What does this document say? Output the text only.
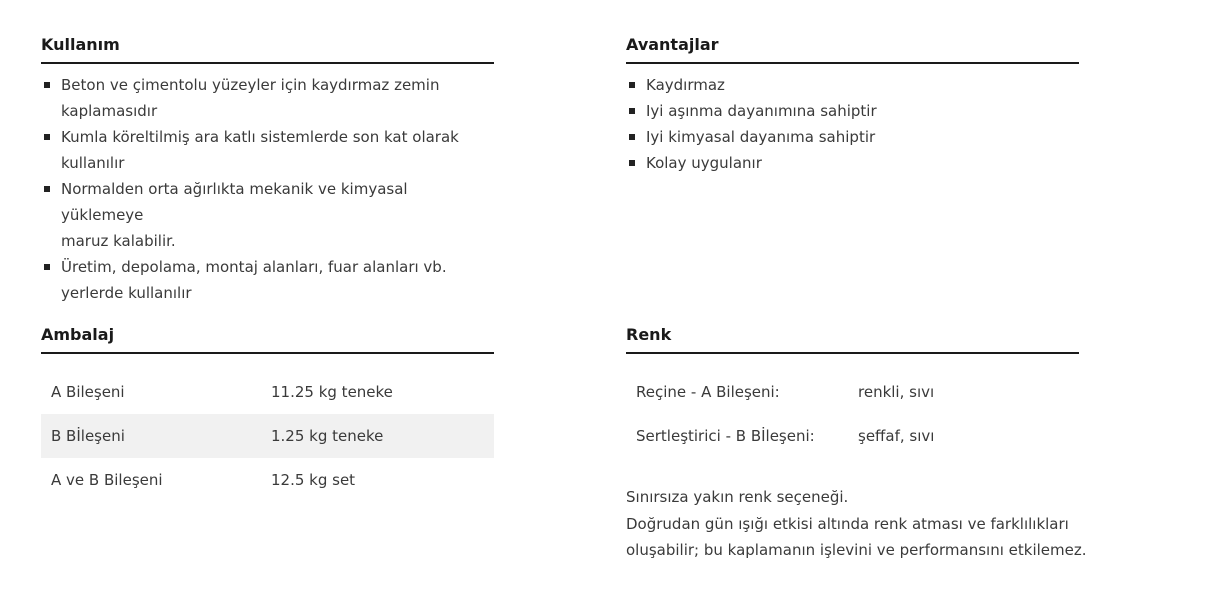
Kullanım
Beton ve çimentolu yüzeyler için kaydırmaz zemin
kaplamasıdır
Kumla köreltilmiş ara katlı sistemlerde son kat olarak
kullanılır
Normalden orta ağırlıkta mekanik ve kimyasal yüklemeye
maruz kalabilir.
Üretim, depolama, montaj alanları, fuar alanları vb.
yerlerde kullanılır
Avantajlar
Kaydırmaz
Iyi aşınma dayanımına sahiptir
Iyi kimyasal dayanıma sahiptir
Kolay uygulanır
Ambalaj
A Bileşeni	11.25 kg teneke
B Bİleşeni	1.25 kg teneke
A ve B Bileşeni	12.5 kg set
Renk
Reçine - A Bileşeni:	renkli, sıvı
Sertleştirici - B Bİleşeni:	şeffaf, sıvı
Sınırsıza yakın renk seçeneği.
Doğrudan gün ışığı etkisi altında renk atması ve farklılıkları
oluşabilir; bu kaplamanın işlevini ve performansını etkilemez.
